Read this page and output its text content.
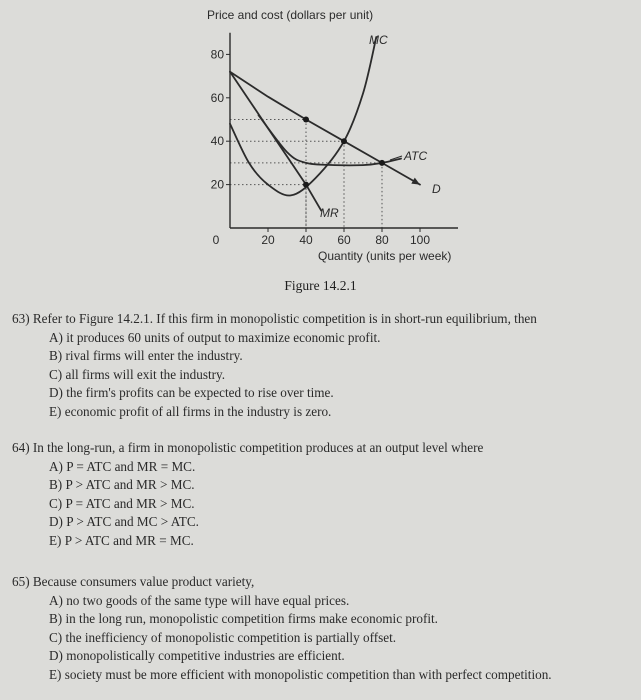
Price and cost (dollars per unit)
20
40
60
80
0	20 40 60 80 100
MC
ATC
D
MR
Quantity (units per week)
Figure 14.2.1
63) Refer to Figure 14.2.1. If this firm in monopolistic competition is in short-run equilibrium, then
A) it produces 60 units of output to maximize economic profit.
B) rival firms will enter the industry.
C) all firms will exit the industry.
D) the firm's profits can be expected to rise over time.
E) economic profit of all firms in the industry is zero.
64) In the long-run, a firm in monopolistic competition produces at an output level where
A) P = ATC and MR = MC.
B) P > ATC and MR > MC.
C) P = ATC and MR > MC.
D) P > ATC and MC > ATC.
E) P > ATC and MR = MC.
65) Because consumers value product variety,
A) no two goods of the same type will have equal prices.
B) in the long run, monopolistic competition firms make economic profit.
C) the inefficiency of monopolistic competition is partially offset.
D) monopolistically competitive industries are efficient.
E) society must be more efficient with monopolistic competition than with perfect competition.
